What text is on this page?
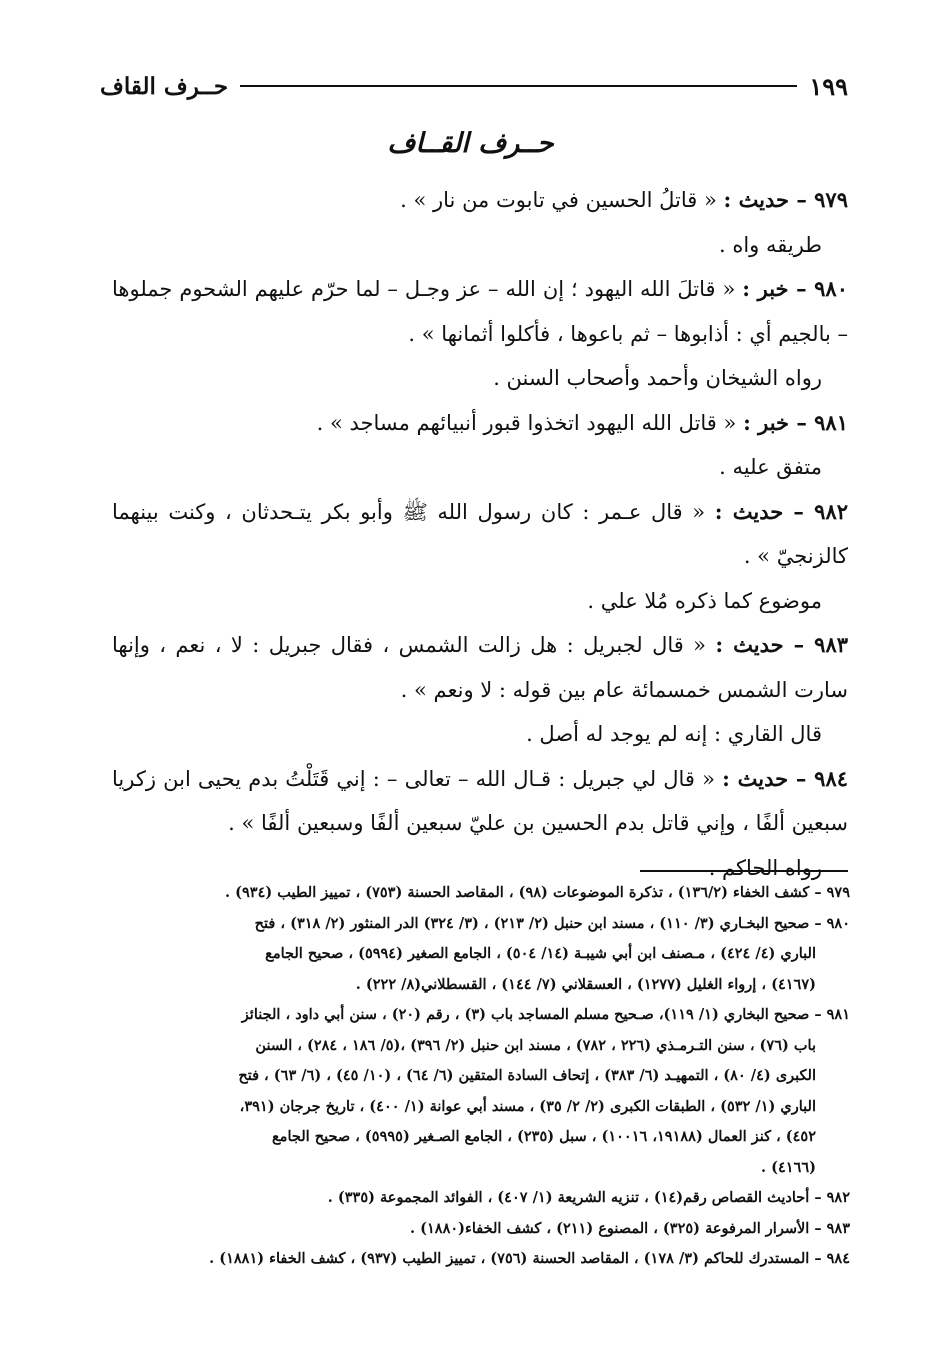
حــرف القاف	١٩٩
حــرف القــاف

٩٧٩ – حديث : « قاتلُ الحسين في تابوت من نار » .

طريقه واه .

٩٨٠ – خبر : « قاتلَ الله اليهود ؛ إن الله – عز وجـل – لما حرّم عليهم الشحوم جملوها – بالجيم أي : أذابوها – ثم باعوها ، فأكلوا أثمانها » .

رواه الشيخان وأحمد وأصحاب السنن .

٩٨١ – خبر : « قاتل الله اليهود اتخذوا قبور أنبيائهم مساجد » .

متفق عليه .

٩٨٢ – حديث : « قال عـمر : كان رسول الله ﷺ وأبو بكر يتـحدثان ، وكنت بينهما كالزنجيّ » .

موضوع كما ذكره مُلا علي .

٩٨٣ – حديث : « قال لجبريل : هل زالت الشمس ، فقال جبريل : لا ، نعم ، وإنها سارت الشمس خمسمائة عام بين قوله : لا ونعم » .

قال القاري : إنه لم يوجد له أصل .

٩٨٤ – حديث : « قال لي جبريل : قـال الله – تعالى – : إني قَتَلْتُ بدم يحيى ابن زكريا سبعين ألفًا ، وإني قاتل بدم الحسين بن عليّ سبعين ألفًا وسبعين ألفًا » .

رواه الحاكم .

٩٧٩ – كشف الخفاء (١٣٦/٢) ، تذكرة الموضوعات (٩٨) ، المقاصد الحسنة (٧٥٣) ، تمييز الطيب (٩٣٤) .

٩٨٠ – صحيح البخـاري (٣/ ١١٠) ، مسند ابن حنبل (٢/ ٢١٣) ، (٣/ ٣٢٤) الدر المنثور (٢/ ٣١٨) ، فتح

الباري (٤/ ٤٢٤) ، مـصنف ابن أبي شيبـة (١٤/ ٥٠٤) ، الجامع الصغير (٥٩٩٤) ، صحيح الجامع

(٤١٦٧) ، إرواء الغليل (١٢٧٧) ، العسقلاني (٧/ ١٤٤) ، القسطلاني(٨/ ٢٢٢) .

٩٨١ – صحيح البخاري (١/ ١١٩)، صـحيح مسلم المساجد باب (٣) ، رقم (٢٠) ، سنن أبي داود ، الجنائز

باب (٧٦) ، سنن التـرمـذي (٢٢٦ ، ٧٨٢) ، مسند ابن حنبل (٢/ ٣٩٦) ،(٥/ ١٨٦ ، ٢٨٤) ، السنن

الكبرى (٤/ ٨٠) ، التمهيـد (٦/ ٣٨٣) ، إتحاف السادة المتقين (٦/ ٦٤) ، (١٠/ ٤٥) ، (٦/ ٦٣) ، فتح

الباري (١/ ٥٣٢) ، الطبقات الكبرى (٢/ ٢/ ٣٥) ، مسند أبي عوانة (١/ ٤٠٠) ، تاريخ جرجان (٣٩١،

٤٥٢) ، كنز العمال (١٩١٨٨، ١٠٠١٦) ، سبل (٢٣٥) ، الجامع الصـغير (٥٩٩٥) ، صحيح الجامع

(٤١٦٦) .

٩٨٢ – أحاديث القصاص رقم(١٤) ، تنزيه الشريعة (١/ ٤٠٧) ، الفوائد المجموعة (٣٣٥) .

٩٨٣ – الأسرار المرفوعة (٣٢٥) ، المصنوع (٢١١) ، كشف الخفاء(١٨٨٠) .

٩٨٤ – المستدرك للحاكم (٣/ ١٧٨) ، المقاصد الحسنة (٧٥٦) ، تمييز الطيب (٩٣٧) ، كشف الخفاء (١٨٨١) .
